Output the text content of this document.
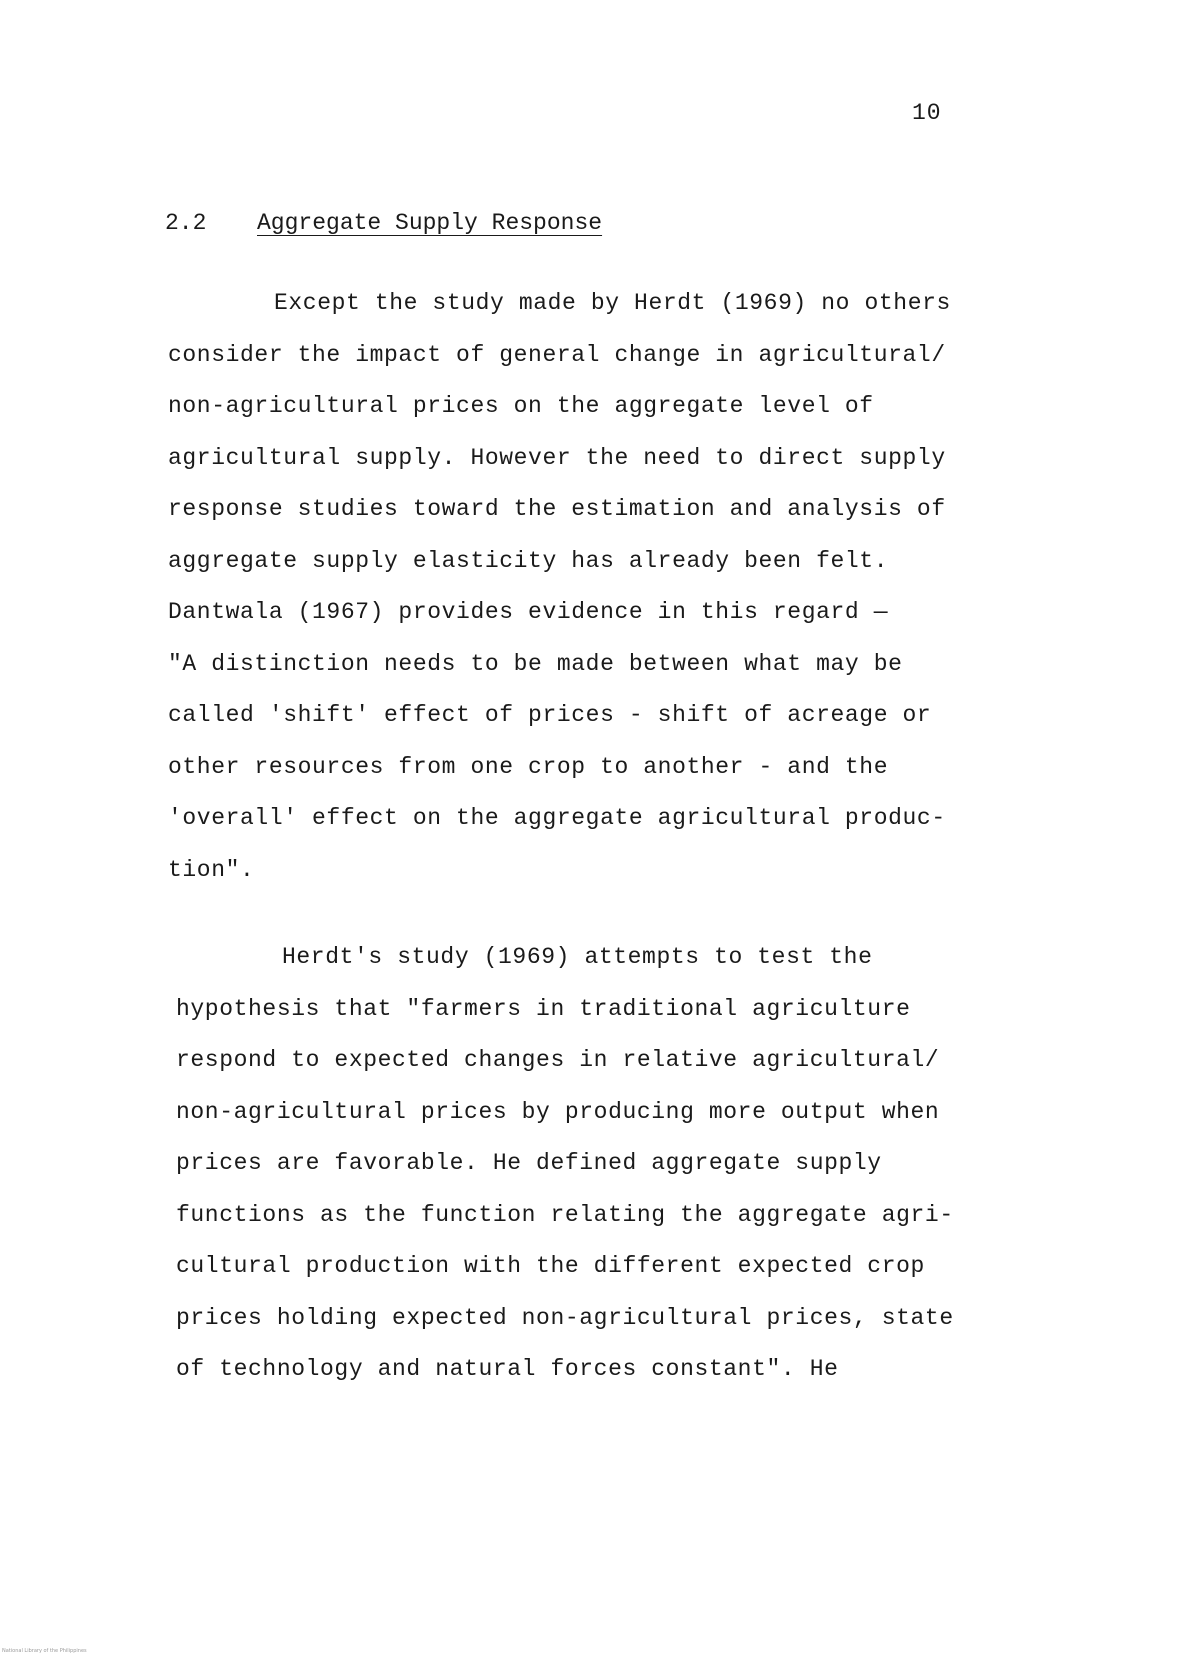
10
2.2 Aggregate Supply Response
Except the study made by Herdt (1969) no others
consider the impact of general change in agricultural/
non-agricultural prices on the aggregate level of
agricultural supply. However the need to direct supply
response studies toward the estimation and analysis of
aggregate supply elasticity has already been felt.
Dantwala (1967) provides evidence in this regard —
"A distinction needs to be made between what may be
called 'shift' effect of prices - shift of acreage or
other resources from one crop to another - and the
'overall' effect on the aggregate agricultural produc-
tion".
Herdt's study (1969) attempts to test the
hypothesis that "farmers in traditional agriculture
respond to expected changes in relative agricultural/
non-agricultural prices by producing more output when
prices are favorable. He defined aggregate supply
functions as the function relating the aggregate agri-
cultural production with the different expected crop
prices holding expected non-agricultural prices, state
of technology and natural forces constant". He
National Library of the Philippines
